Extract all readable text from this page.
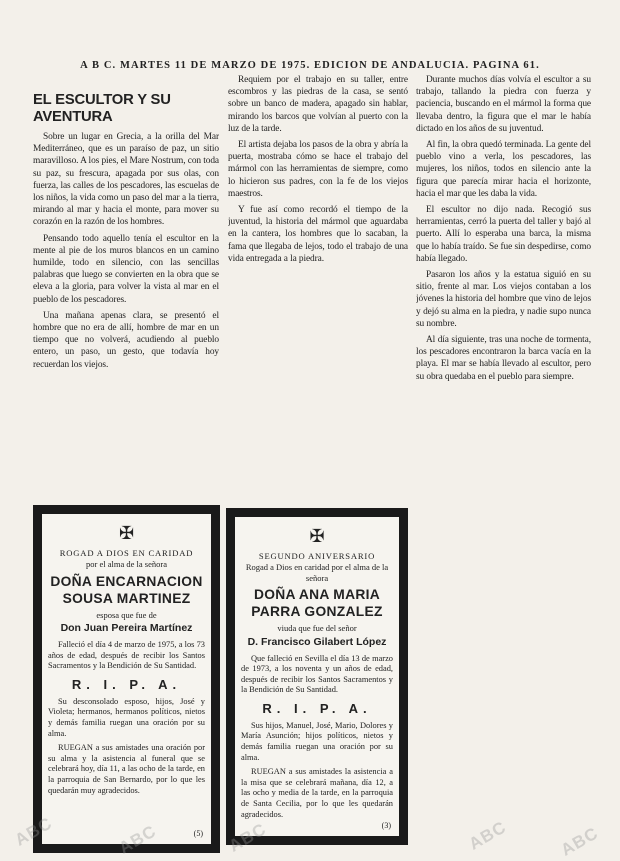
A B C. MARTES 11 DE MARZO DE 1975. EDICION DE ANDALUCIA. PAGINA 61.
EL ESCULTOR Y SU AVENTURA

Sobre un lugar en Grecia, a la orilla del Mar Mediterráneo, que es un paraíso de paz, un sitio maravilloso. A los pies, el Mare Nostrum, con toda su paz, su frescura, apagada por sus olas, con fuerza, las calles de los pescadores, las escuelas de los niños, la vida como un paso del mar a la tierra, mirando al mar y hacia el monte, para mover su corazón en la razón de los hombres.

Pensando todo aquello tenía el escultor en la mente al pie de los muros blancos en un camino humilde, todo en silencio, con las sencillas palabras que luego se convierten en la obra que se eleva a la gloria, para volver la vista al mar en el pueblo de los pescadores.

Una mañana apenas clara, se presentó el hombre que no era de allí, hombre de mar en un tiempo que no volverá, acudiendo al pueblo entero, un paso, un gesto, que todavía hoy recuerdan los viejos.

Requiem por el trabajo en su taller, entre escombros y las piedras de la casa, se sentó sobre un banco de madera, apagado sin hablar, mirando los barcos que volvían al puerto con la luz de la tarde.

El artista dejaba los pasos de la obra y abría la puerta, mostraba cómo se hace el trabajo del mármol con las herramientas de siempre, como lo hicieron sus padres, con la fe de los viejos maestros.

Y fue así como recordó el tiempo de la juventud, la historia del mármol que aguardaba en la cantera, los hombres que lo sacaban, la fama que llegaba de lejos, todo el trabajo de una vida entregada a la piedra.

Durante muchos días volvía el escultor a su trabajo, tallando la piedra con fuerza y paciencia, buscando en el mármol la forma que llevaba dentro, la figura que el mar le había dictado en los años de su juventud.

Al fin, la obra quedó terminada. La gente del pueblo vino a verla, los pescadores, las mujeres, los niños, todos en silencio ante la figura que parecía mirar hacia el horizonte, hacia el mar que les daba la vida.

El escultor no dijo nada. Recogió sus herramientas, cerró la puerta del taller y bajó al puerto. Allí lo esperaba una barca, la misma que lo había traído. Se fue sin despedirse, como había llegado.

Pasaron los años y la estatua siguió en su sitio, frente al mar. Los viejos contaban a los jóvenes la historia del hombre que vino de lejos y dejó su alma en la piedra, y nadie supo nunca su nombre.

Al día siguiente, tras una noche de tormenta, los pescadores encontraron la barca vacía en la playa. El mar se había llevado al escultor, pero su obra quedaba en el pueblo para siempre.

✠
ROGAD A DIOS EN CARIDAD
por el alma de la señora
DOÑA ENCARNACION SOUSA MARTINEZ
esposa que fue de
Don Juan Pereira Martínez

Falleció el día 4 de marzo de 1975, a los 73 años de edad, después de recibir los Santos Sacramentos y la Bendición de Su Santidad.

R. I. P. A.

Su desconsolado esposo, hijos, José y Violeta; hermanos, hermanos políticos, nietos y demás familia ruegan una oración por su alma.

RUEGAN a sus amistades una oración por su alma y la asistencia al funeral que se celebrará hoy, día 11, a las ocho de la tarde, en la parroquia de San Bernardo, por lo que les quedarán muy agradecidos.

(5)
✠
SEGUNDO ANIVERSARIO
Rogad a Dios en caridad por el alma de la señora
DOÑA ANA MARIA PARRA GONZALEZ
viuda que fue del señor
D. Francisco Gilabert López

Que falleció en Sevilla el día 13 de marzo de 1973, a los noventa y un años de edad, después de recibir los Santos Sacramentos y la Bendición de Su Santidad.

R. I. P. A.

Sus hijos, Manuel, José, Mario, Dolores y María Asunción; hijos políticos, nietos y demás familia ruegan una oración por su alma.

RUEGAN a sus amistades la asistencia a la misa que se celebrará mañana, día 12, a las ocho y media de la tarde, en la parroquia de Santa Cecilia, por lo que les quedarán agradecidos.

(3)
ABC	ABC	ABC	ABC	ABC
